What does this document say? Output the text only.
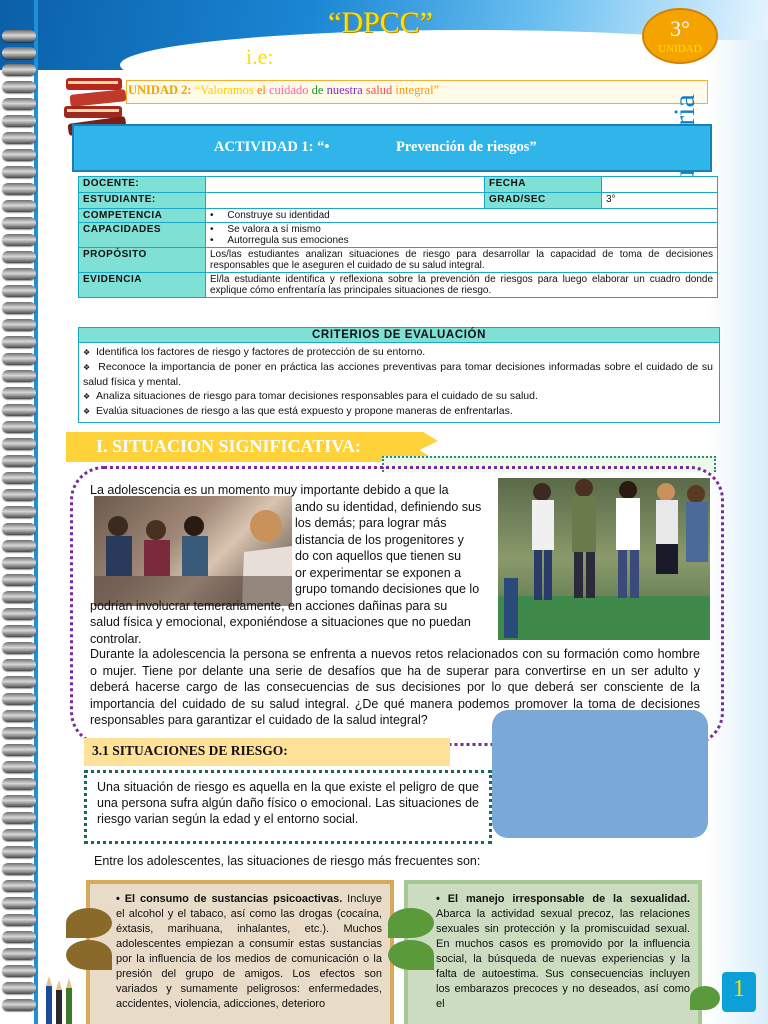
“DPCC”
i.e:
3°
UNIDAD
UNIDAD 2: “Valoramos el cuidado de nuestra salud integral”
ACTIVIDAD 1: “•	Prevención de riesgos”
DOCENTE:		FECHA	
ESTUDIANTE:		GRAD/SEC	3°
COMPETENCIA	•     Construye su identidad		
CAPACIDADES	•     Se valora a sí mismo
•     Autorregula sus emociones		

PROPÓSITO	Los/las estudiantes analizan situaciones de riesgo para desarrollar la capacidad de toma de decisiones responsables que le aseguren el cuidado de su salud integral.		
EVIDENCIA	El/la estudiante identifica y reflexiona sobre la prevención de riesgos para luego elaborar un cuadro donde explique cómo enfrentaría las principales situaciones de riesgo.		
CRITERIOS DE EVALUACIÓN
❖ Identifica los factores de riesgo y factores de protección de su entorno.
❖ Reconoce la importancia de poner en práctica las acciones preventivas para tomar decisiones informadas sobre el cuidado de su salud física y mental.
❖ Analiza situaciones de riesgo para tomar decisiones responsables para el cuidado de su salud.
❖ Evalúa situaciones de riesgo a las que está expuesto y propone maneras de enfrentarlas.
I. SITUACION SIGNIFICATIVA:
La adolescencia es un momento muy importante debido a que la
ando su identidad, definiendo sus
los demás; para lograr más
distancia de los progenitores y
do con aquellos que tienen su
or experimentar se exponen a
grupo tomando decisiones que lo
podrían involucrar temerariamente, en acciones dañinas para su
salud física y emocional, exponiéndose a situaciones que no puedan
controlar.
Durante la adolescencia la persona se enfrenta a nuevos retos relacionados con su formación como hombre o mujer. Tiene por delante una serie de desafíos que ha de superar para convertirse en un ser adulto y deberá hacerse cargo de las consecuencias de sus decisiones por lo que deberá ser consciente de la importancia del cuidado de su salud integral. ¿De qué manera podemos promover la toma de decisiones responsables para garantizar el cuidado de la salud integral?
3.1 SITUACIONES DE RIESGO:
Una situación de riesgo es aquella en la que existe el peligro de que una persona sufra algún daño físico o emocional. Las situaciones de riesgo varian según la edad y el entorno social.
Entre los adolescentes, las situaciones de riesgo más frecuentes son:
• El consumo de sustancias psicoactivas. Incluye el alcohol y el tabaco, así como las drogas (cocaína, éxtasis, marihuana, inhalantes, etc.). Muchos adolescentes empiezan a consumir estas sustancias por la influencia de los medios de comunicación o la presión del grupo de amigos. Los efectos son variados y sumamente peligrosos: enfermedades, accidentes, violencia, adicciones, deterioro
• El manejo irresponsable de la sexualidad. Abarca la actividad sexual precoz, las relaciones sexuales sin protección y la promiscuidad sexual. En muchos casos es promovido por la influencia social, la búsqueda de nuevas experiencias y la falta de autoestima. Sus consecuencias incluyen los embarazos precoces y no deseados, así como el
1
